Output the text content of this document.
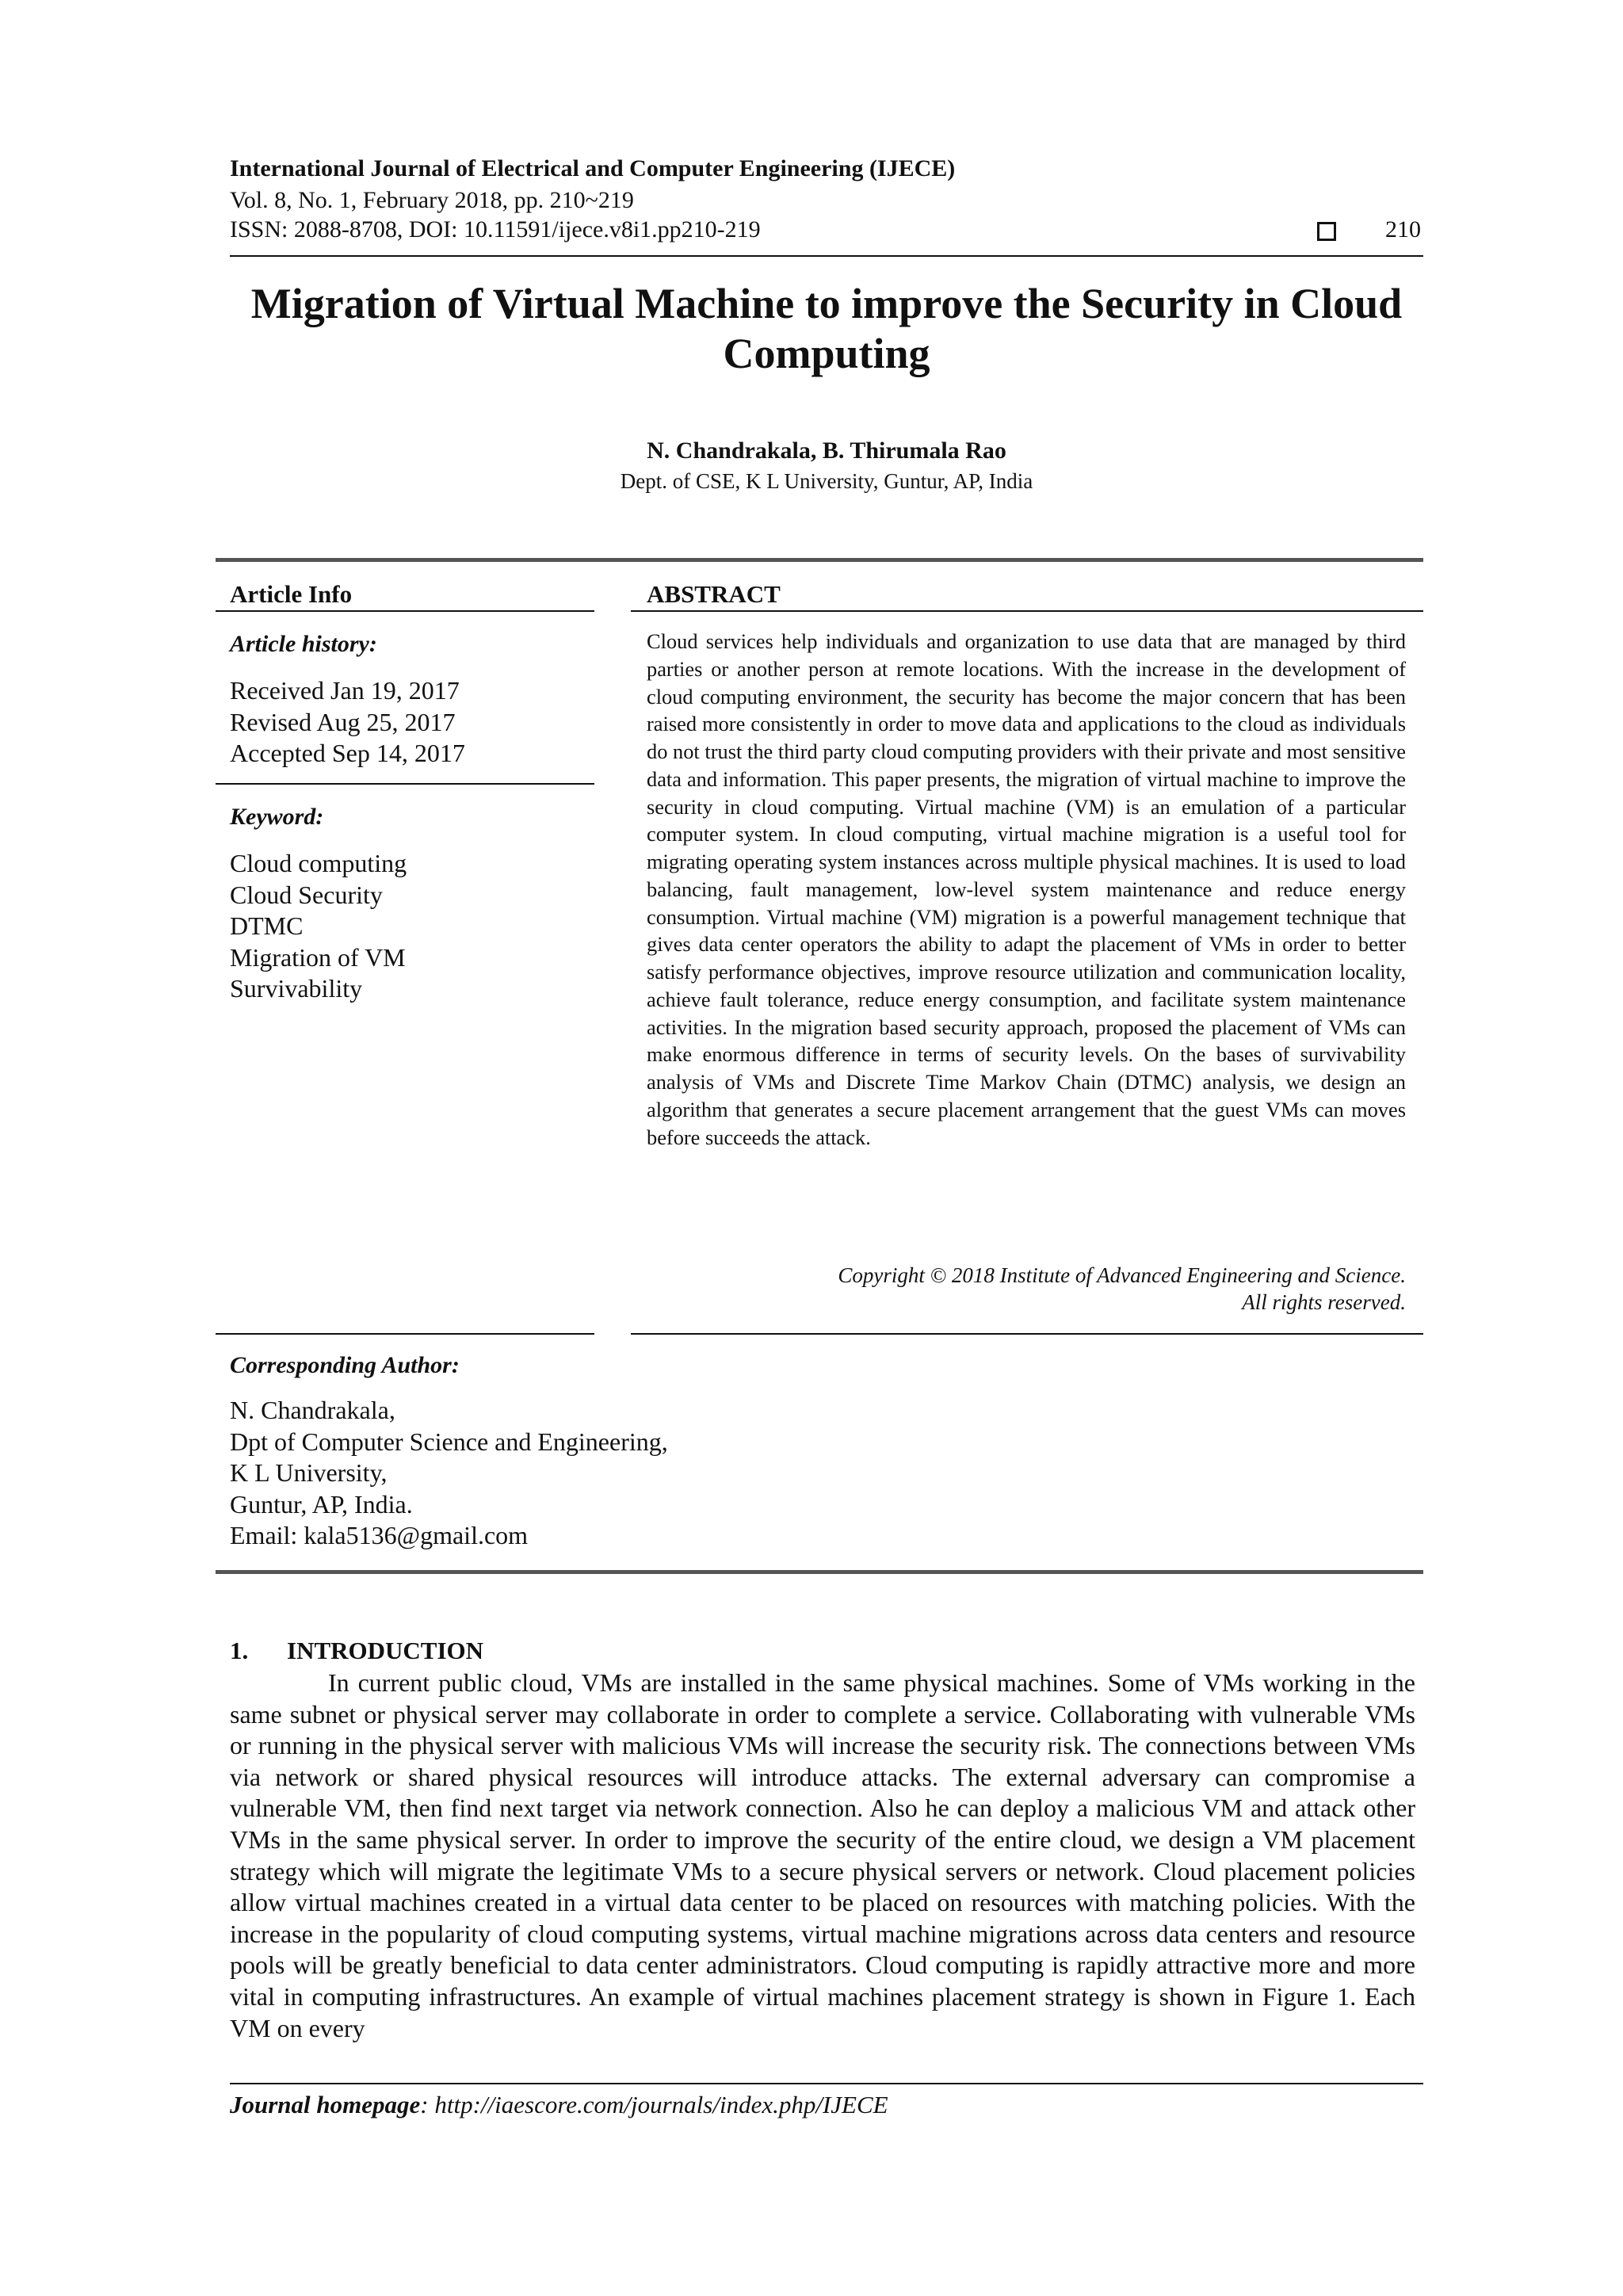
International Journal of Electrical and Computer Engineering (IJECE)
Vol. 8, No. 1, February 2018, pp. 210~219
ISSN: 2088-8708, DOI: 10.11591/ijece.v8i1.pp210-219	210
Migration of Virtual Machine to improve the Security in Cloud Computing
N. Chandrakala, B. Thirumala Rao
Dept. of CSE, K L University, Guntur, AP, India
Article Info	ABSTRACT
Article history:
Received Jan 19, 2017
Revised Aug 25, 2017
Accepted Sep 14, 2017
Keyword:
Cloud computing
Cloud Security
DTMC
Migration of VM
Survivability
Cloud services help individuals and organization to use data that are managed by third parties or another person at remote locations. With the increase in the development of cloud computing environment, the security has become the major concern that has been raised more consistently in order to move data and applications to the cloud as individuals do not trust the third party cloud computing providers with their private and most sensitive data and information. This paper presents, the migration of virtual machine to improve the security in cloud computing. Virtual machine (VM) is an emulation of a particular computer system. In cloud computing, virtual machine migration is a useful tool for migrating operating system instances across multiple physical machines. It is used to load balancing, fault management, low-level system maintenance and reduce energy consumption. Virtual machine (VM) migration is a powerful management technique that gives data center operators the ability to adapt the placement of VMs in order to better satisfy performance objectives, improve resource utilization and communication locality, achieve fault tolerance, reduce energy consumption, and facilitate system maintenance activities. In the migration based security approach, proposed the placement of VMs can make enormous difference in terms of security levels. On the bases of survivability analysis of VMs and Discrete Time Markov Chain (DTMC) analysis, we design an algorithm that generates a secure placement arrangement that the guest VMs can moves before succeeds the attack.
Copyright © 2018 Institute of Advanced Engineering and Science.
All rights reserved.
Corresponding Author:
N. Chandrakala,
Dpt of Computer Science and Engineering,
K L University,
Guntur, AP, India.
Email: kala5136@gmail.com
1. INTRODUCTION

In current public cloud, VMs are installed in the same physical machines. Some of VMs working in the same subnet or physical server may collaborate in order to complete a service. Collaborating with vulnerable VMs or running in the physical server with malicious VMs will increase the security risk. The connections between VMs via network or shared physical resources will introduce attacks. The external adversary can compromise a vulnerable VM, then find next target via network connection. Also he can deploy a malicious VM and attack other VMs in the same physical server. In order to improve the security of the entire cloud, we design a VM placement strategy which will migrate the legitimate VMs to a secure physical servers or network. Cloud placement policies allow virtual machines created in a virtual data center to be placed on resources with matching policies. With the increase in the popularity of cloud computing systems, virtual machine migrations across data centers and resource pools will be greatly beneficial to data center administrators. Cloud computing is rapidly attractive more and more vital in computing infrastructures. An example of virtual machines placement strategy is shown in Figure 1. Each VM on every

Journal homepage: http://iaescore.com/journals/index.php/IJECE
